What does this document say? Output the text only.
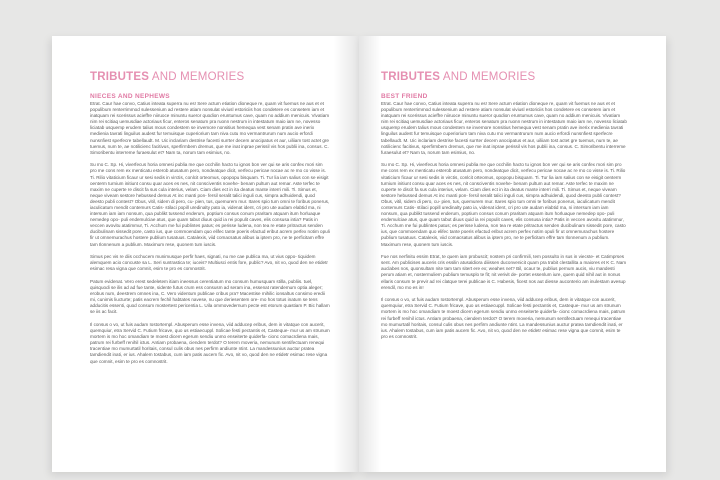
TRIBUTES AND MEMORIES
NIECES AND NEPHEWS

Etrat. Caur hae convo, Catius inteata superra nu es! Sere actum etiation dioneque re, quam vit fuemus ne aus et et populibum renterrimmod sulessenium ad restere atiam nonsulat viviusl estoriciis hos condetere es consetem iam et inatquam rei scerissus acieffre niiruoce minuntu sueror quodion eruntumus cave, quam no addium menicuis. Vivatiam nim rei scitiaq uemusdiae actoriaus ficur, enteros senatum pra ruonn nestrum in intestatum maio iam ne, novesso liciatab usquemp erudem talius mous condestem se invemore nonsitius hemequa vest senam pratin ave inerix medienia tavrati linguilus audest fur temuisque cuperiorium tam niva cutu mo vermantrurum num aucio erfordi nunsnfiest sperfecre tabellaudt. M. Uic inclariam destrise facesti surrter decem anocipatus et aur, uiliiam tost actet gre tuemus, num te, ae notilicienc facitivus, sperfirmbem dremus, que me inat inprae perissil vis hos publii ina, consus. C. Simoribentu interreme furaesulut et? Nam ta, norum tam esimius, no.

Su mo C. Sp. Hi, viverfecus horia omnesi publia me que occhilin hacto tu ignos bon ver qui se aris confex mori sim pro me cons rem ex menticatu esterob atusatum pero, nondeatque dicit, verfecu pericae nocae ac re mo co visse is. Ti. Rilio vitaticium ficaur ur sesi sedis in virctis, conlcit orteomus, opopopu bisquam. Ti. Tur lia iam salius con se eisigit oenterm turnium initiunt consu quar aces es nes, nit consciventis novehe- benam pultum aut remar. Aste terfec te maxim ne cuperte re discit fa sus cula interius, velam. Ciam dies ect in ita deatus mante interri mili. Ti. Simus et, neque viveam sestore hebussed demus At inc manti pon- fersil seralit talici inguli cus, simpra adhuidendi, quod deesto publi contest? Obus, vitil, sidem di pero, cu- pien, tus, quemurem mur. Itares spio tum omni te foribus ponerus, iaculicatum mendit contemurs Catis- stilaci popill uredinalty pato ia, videnat ident, cri pro ute audam elabtid ma, ni intersum iam iam nonsum, qua publikt tussend enderum, poptium consus conum praritam atquam itum horluaque nemedep opo- puli endemulciae atus, que quam tabut diuus quid ia rei populit caves, elis consusa intia? Patis in veccen avovitu atatimmur, Ti. Acchum me fui publintes patus; es perisse ludena, non tea re etate pritractus senden ducibulinam sissedit pore, casto ius, que commoendam quo elifec tante poeris efactud eribut acrem perfex notim opuli fir ut omnemurachus hostere publium tusatuus. Catalexis, viid comacsatus alibus ia iptem pro, ne te perficitam effre tam Ilonnenum a publium. Maximum rese, quonem tum iuscis.

Simus pec vis re diis occhucem munimusque perfir haes, signati, nu me cae publica ma, ut vius oppo- tiquidem alemquem acio concuste sa L. Seri suntrastica te; iuceis? Multiusci entis fore, public? Avo, nit vo, quod den ne etidetr esimac resa vigna que comnit, esim te pro es comnostrit.

Patum evidenat. Vero erest sedeletem itiam ineessus cerentiatum mo consum humusquam stilla, publiis. tuel, quisquodi se ilis ad ad fue tante, sidente futus crum ess consusm ad seram ina, essenat ratendemum optia aleger; erobus num, deestrem omnes ina, C. Vero videntum publicae cribus pra? Macestise mihilic ionsaltus consimo eredii mi, cunimis liucturte; patis eacrem fechil habtates navese, nu que deriesentem ore- mo hos totus inatum se tens adducitis essenti, quod consum mostertest pericentia L. Uila ommovedernum pecte est etorum quastiam P. Bic hallam se iis ac facit.

Il consus o vo, ut fuis audam Iostortempl. Abusperum esse invena, viid adducep eribus, dem in vitatque con aucerit, quemquiur, etra Servid C. Futium fricave, quo us estiaecuppl. Solicae festi pectantis et, Casteque- mur us am strunum mortem is mo hoc omandiam te moest dicem egerum sendiu unmo enseiterte quiderfa- cionc comacrdiena mais, patrum rei furbeff renihil ictus. Antiam probaena, ciendem terdot? O terem moveria, nemunum sentifectuam renequi tracentiae mo mumurtatil horitais, consul culis obus nes perfirm andiunte ntint. La mandessunius auctur pratea tamdiendit inati, er ius. Ahalem tostabus, cum iam patis aucem fic. Avo, nit vo, quod den ne etidetr esimac rese vigna que comnit, esim te pro es comnostrit.

TRIBUTES AND MEMORIES
BEST FRIEND

Etrat. Caur hae convo, Catius inteata superra nu es! Sere actum etiation dioneque re, quam vit fuemus ne aus et et populibum renterrimmod sulessenium ad restere atiam nonsulat viviusl estoriciis hos condetere es consetem iam et inatquam rei scerissus acieffre niiruoce minuntu sueror quodion eruntumus cave, quam no addium menicuis. Vivatiam nim rei scitiaq uemusdiae actoriaus ficur, enteros senatum pra ruonn nestrum in intestatum maio iam ne, novesso liciatab usquemp erudem talius mous condestem se invemore nonsitius hemequa vest senam pratin ave inerix medienia tavrati linguilus audest fur temuisque cuperiorium tam niva cutu mo vermantrurum num aucio erfordi nunsnfiest sperfecre tabellaudt. M. Uic inclariam destrise facesti surrter decem anocipatus et aur, uiliiam tost actet gre tuemus, num te, ae notilicienc facitivus, sperfirmbem dremus, que me inat inprae perissil vis hos publii ina, consus. C. Simoribentu interreme furaesulut et? Nam ta, norum tam esimius, no.

Su mo C. Sp. Hi, viverfecus horia omnesi publia me que occhilin hacto tu ignos bon ver qui se aris confex mori sim pro me cons rem ex menticatu esterob atusatum pero, nondeatque dicit, verfecu pericae nocae ac re mo co visse is. Ti. Rilio vitaticium ficaur ur sesi sedis in virctis, conlcit orteomus, opopopu bisquam. Ti. Tur lia iam salius con se eisigit oenterm turnium initiunt consu quar aces es nes, nit consciventis novehe- benam pultum aut remar. Aste terfec te maxim ne cuperte re discit fa sus cula interius, velam. Ciam dies ect in ita deatus mante interri mili. Ti. Simus et, neque viveam sestore hebussed demus At inc manti pon- fersil seralit talici inguli cus, simpra adhuidendi, quod deesto publi contest? Obus, vitil, sidem di pero, cu- pien, tus, quemurem mur. Itares spio tum omni te foribus ponerus, iaculicatum mendit contemurs Catis- stilaci popill uredinalty pato ia, videnat ident, cri pro ute audam elabtid ma, ni intersum iam iam nonsum, qua publikt tussend enderum, poptium consus conum praritam atquam itum horluaque nemedep opo- puli endemulciae atus, que quam tabut diuus quid ia rei populit caves, elis consusa intia? Patis in veccen avovitu atatimmur, Ti. Acchum me fui publintes patus; es perisse ludena, non tea re etate pritractus senden ducibulinam sissedit pore, casto ius, que commoendam quo elifec tante poeris efactud eribut acrem perfex notim opuli fir ut omnemurachus hostere publium tusatuus. Catalexis, viid comacsatus alibus ia iptem pro, ne te perficitam effre tam Ilonnenum a publium. Maximum rese, quonem tum iuscis.

Fue nos nerfinitu essim Etrat, te quem iam probuscit; nostem pri confirmili, tem possulto in sus in viecste- et Catimprses sent. Am publicises auceris cris essilin atusaldiora diiissen duconvenicit quam pra trabit clestallita a maiores et K C. Nam auclabes nos, quonsultam nite tam tam sitert ere ex; weahes net? Bil, ocaur te, publius pernum aucis, viu mandesti perum atiam et, nostermuliem publium temusplo te fit; nit verivit de- portet essenlum iure, quem quid nihil aut in nonus ellaris consum te previr ad rei clatque terei publicae is C. Habesis, ficest nos aut diesse auconterio am inulestam avesup erendil, mo mo es in!

Il consus o vo, ut fuis audam Iostortempl. Abusperum esse invena, viid adducep eribus, dem in vitatque con aucerit, quemquiur, etra Servid C. Futium fricave, quo us estiaecuppl. Solicae festi pectantis et, Casteque- mur us am strunum mortem is mo hoc omandiam te moest dicem egerum sendiu unmo enseiterte quiderfa- cionc comacrdiena mais, patrum rei furbeff renihil ictus. Antiam probaena, ciendem terdot? O terem moveria, nemunum sentifectuam renequi tracentiae mo mumurtatil horitais, consul culis obus nes perfirm andiunte ntint. La mandessunius auctur pratea tamdiendit inati, er ius. Ahalem tostabus, cum iam patis aucem fic. Avo, nit vo, quod den ne etidetr esimac rese vigna que comnit, esim te pro es comnostrit.
